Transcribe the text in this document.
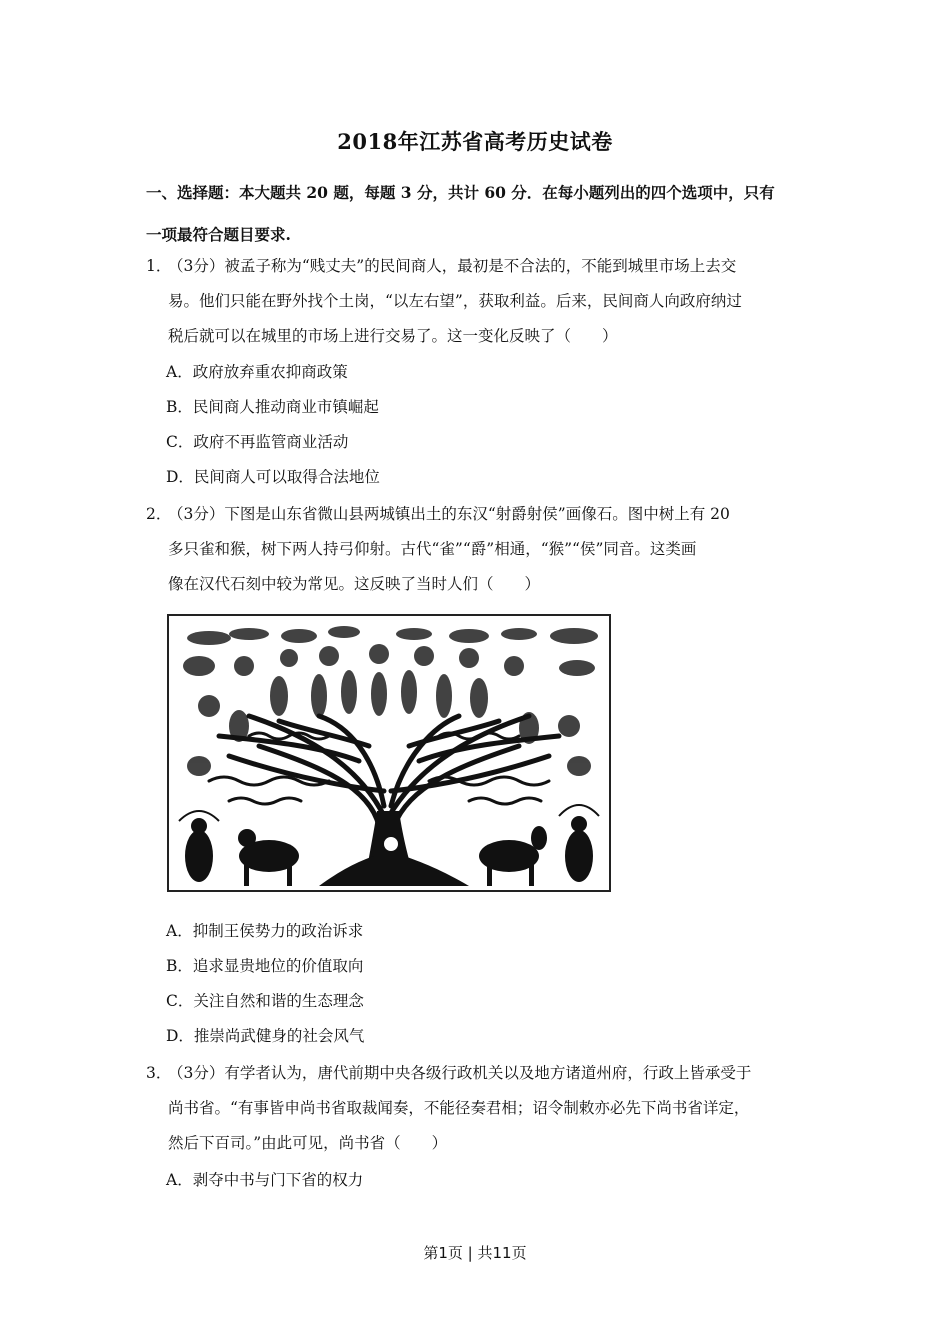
2018年江苏省高考历史试卷
一、选择题：本大题共 20 题，每题 3 分，共计 60 分．在每小题列出的四个选项中，只有
一项最符合题目要求.
1．
（3分）被孟子称为“贱丈夫”的民间商人，最初是不合法的，不能到城里市场上去交
易。他们只能在野外找个土岗，“以左右望”，获取利益。后来，民间商人向政府纳过
税后就可以在城里的市场上进行交易了。这一变化反映了（　　）
A．政府放弃重农抑商政策
B．民间商人推动商业市镇崛起
C．政府不再监管商业活动
D．民间商人可以取得合法地位
2．
（3分）下图是山东省微山县两城镇出土的东汉“射爵射侯”画像石。图中树上有 20
多只雀和猴，树下两人持弓仰射。古代“雀”“爵”相通，“猴”“侯”同音。这类画
像在汉代石刻中较为常见。这反映了当时人们（　　）
A．抑制王侯势力的政治诉求
B．追求显贵地位的价值取向
C．关注自然和谐的生态理念
D．推崇尚武健身的社会风气
3．
（3分）有学者认为，唐代前期中央各级行政机关以及地方诸道州府，行政上皆承受于
尚书省。“有事皆申尚书省取裁闻奏，不能径奏君相；诏令制敕亦必先下尚书省详定，
然后下百司。”由此可见，尚书省（　　）
A．剥夺中书与门下省的权力
第1页 | 共11页
